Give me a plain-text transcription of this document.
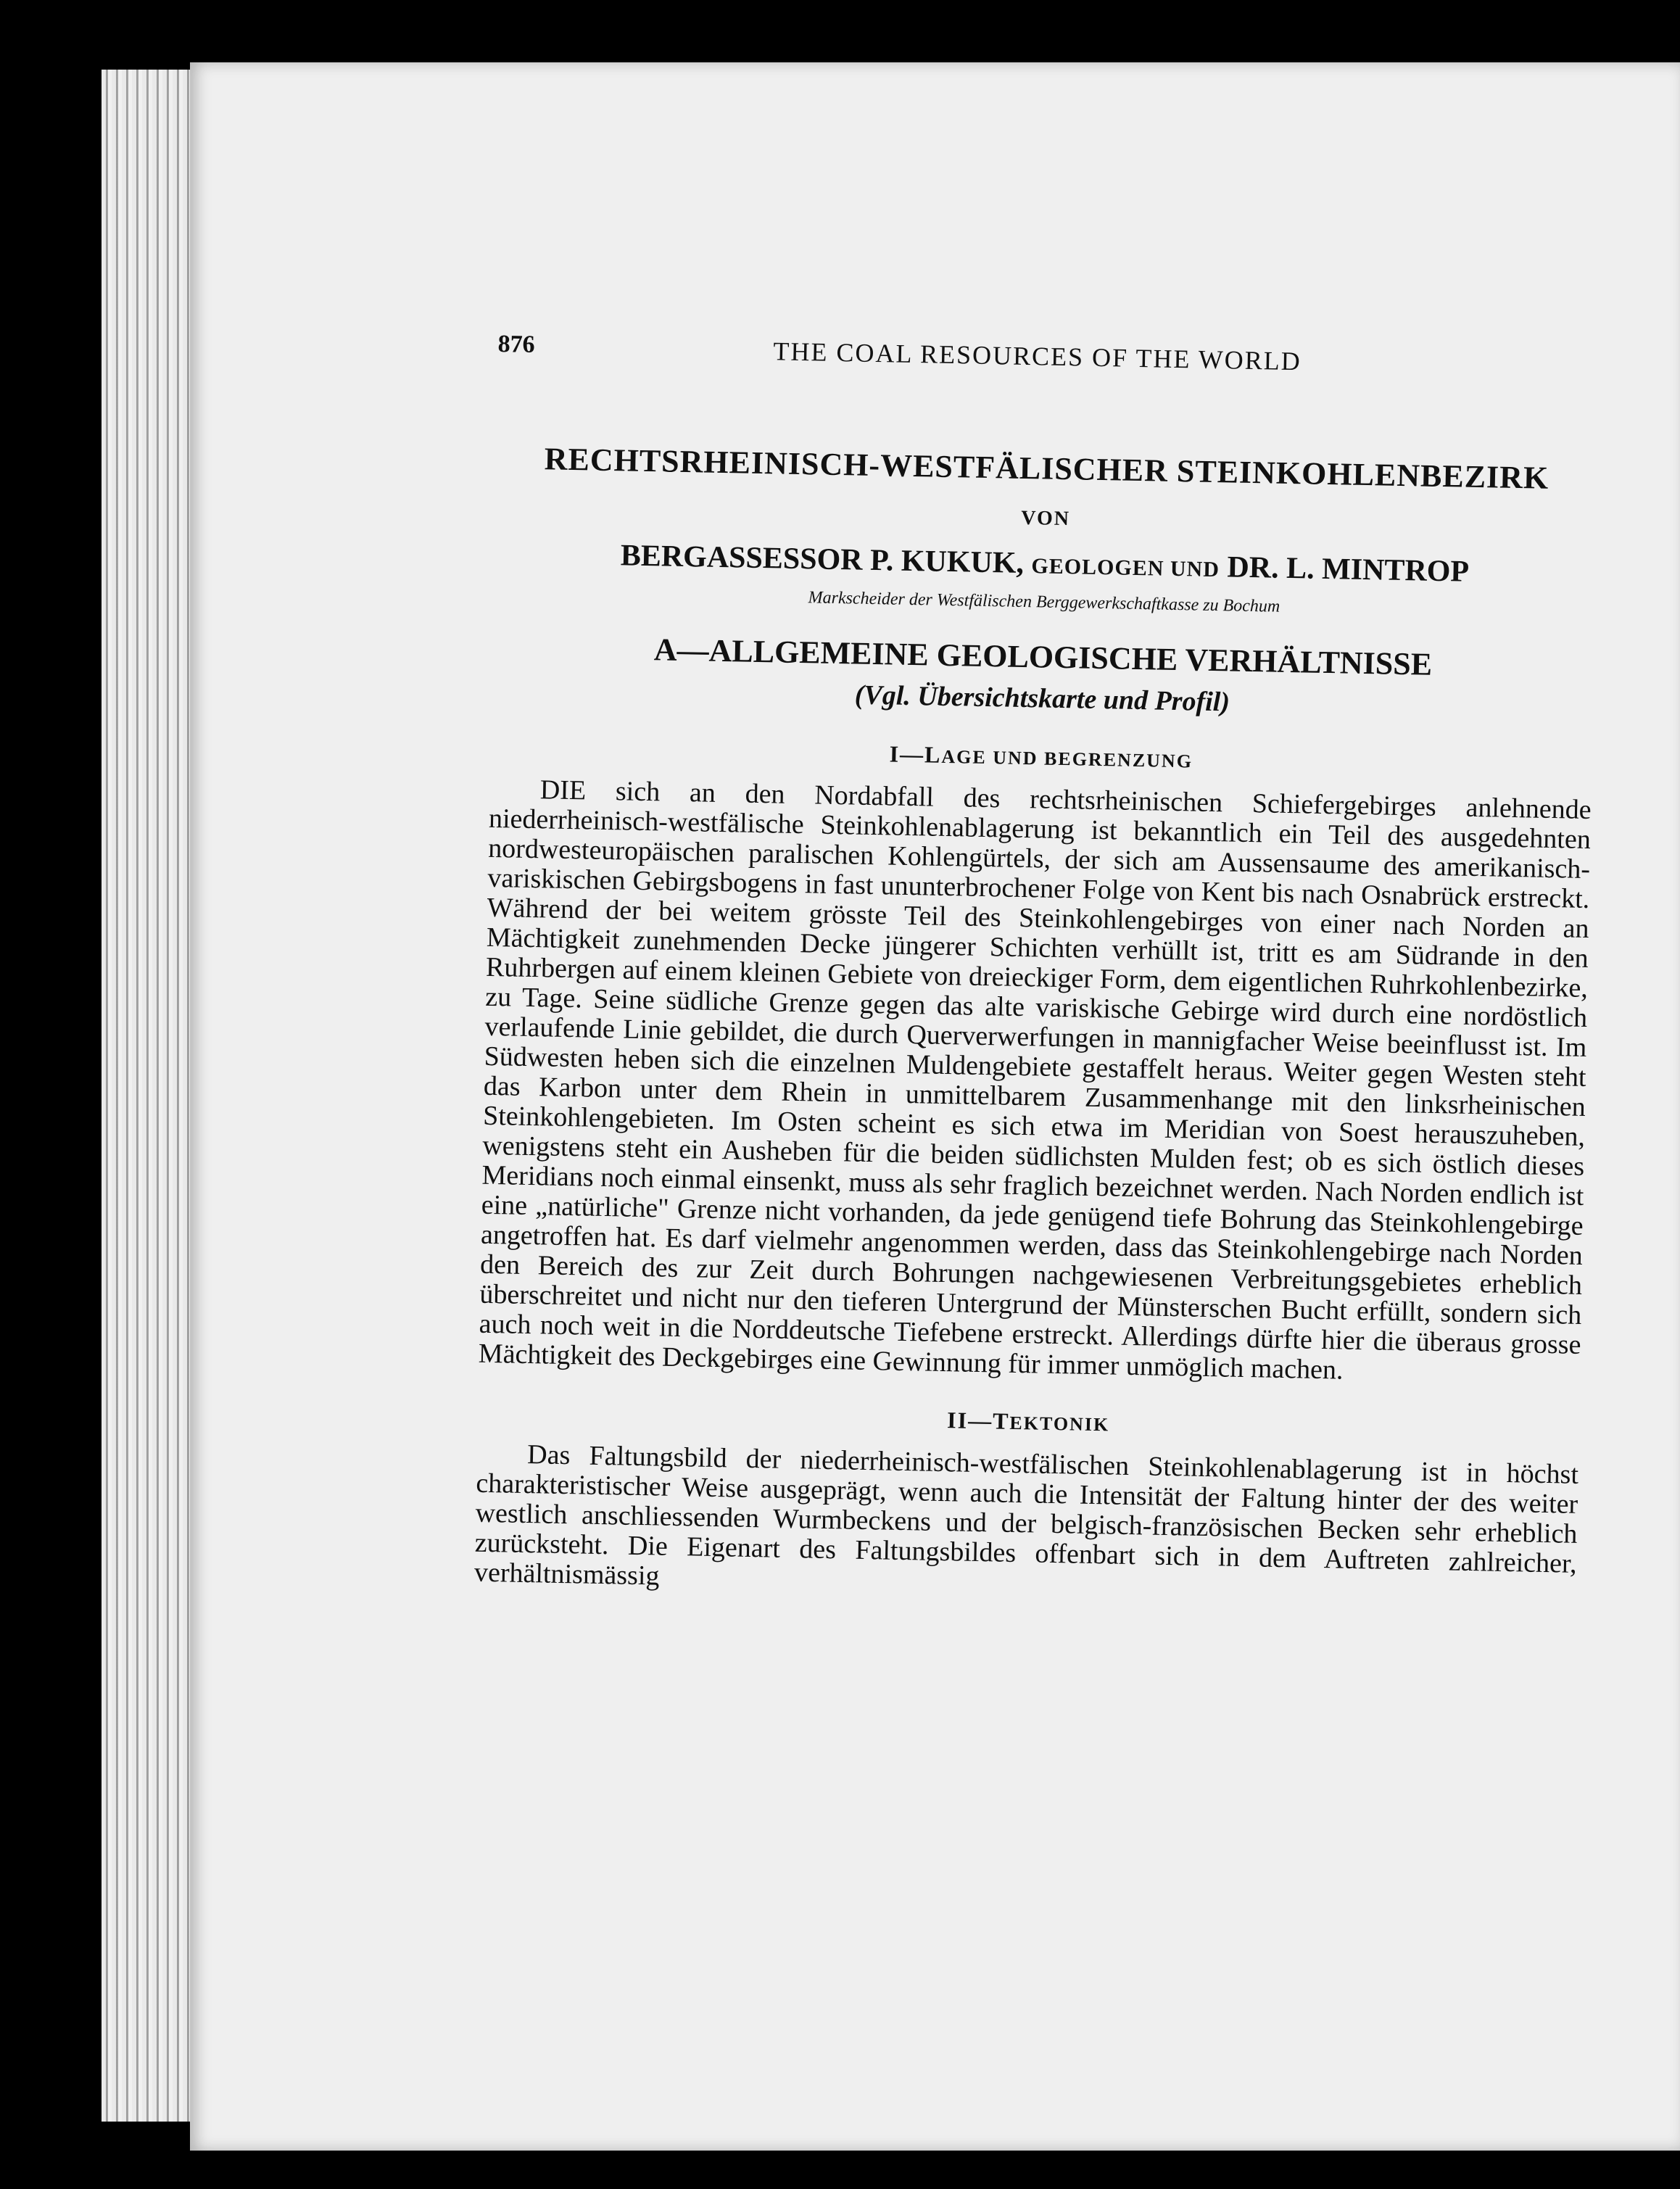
876	THE COAL RESOURCES OF THE WORLD
RECHTSRHEINISCH-WESTFÄLISCHER STEINKOHLENBEZIRK
VON
BERGASSESSOR P. KUKUK, GEOLOGEN UND DR. L. MINTROP
Markscheider der Westfälischen Berggewerkschaftkasse zu Bochum
A—ALLGEMEINE GEOLOGISCHE VERHÄLTNISSE
(Vgl. Übersichtskarte und Profil)
I—LAGE UND BEGRENZUNG

DIE sich an den Nordabfall des rechtsrheinischen Schiefergebirges anlehnende niederrheinisch-westfälische Steinkohlenablagerung ist bekanntlich ein Teil des ausgedehnten nordwesteuropäischen paralischen Kohlengürtels, der sich am Aussensaume des amerikanisch-variskischen Gebirgsbogens in fast ununterbrochener Folge von Kent bis nach Osnabrück erstreckt. Während der bei weitem grösste Teil des Steinkohlengebirges von einer nach Norden an Mächtigkeit zunehmenden Decke jüngerer Schichten verhüllt ist, tritt es am Südrande in den Ruhrbergen auf einem kleinen Gebiete von dreieckiger Form, dem eigentlichen Ruhrkohlenbezirke, zu Tage. Seine südliche Grenze gegen das alte variskische Gebirge wird durch eine nordöstlich verlaufende Linie gebildet, die durch Querverwerfungen in mannigfacher Weise beeinflusst ist. Im Südwesten heben sich die einzelnen Muldengebiete gestaffelt heraus. Weiter gegen Westen steht das Karbon unter dem Rhein in unmittelbarem Zusammenhange mit den linksrheinischen Steinkohlengebieten. Im Osten scheint es sich etwa im Meridian von Soest herauszuheben, wenigstens steht ein Ausheben für die beiden südlichsten Mulden fest; ob es sich östlich dieses Meridians noch einmal einsenkt, muss als sehr fraglich bezeichnet werden. Nach Norden endlich ist eine „natürliche" Grenze nicht vorhanden, da jede genügend tiefe Bohrung das Steinkohlengebirge angetroffen hat. Es darf vielmehr angenommen werden, dass das Steinkohlengebirge nach Norden den Bereich des zur Zeit durch Bohrungen nachgewiesenen Verbreitungsgebietes erheblich überschreitet und nicht nur den tieferen Untergrund der Münsterschen Bucht erfüllt, sondern sich auch noch weit in die Norddeutsche Tiefebene erstreckt. Allerdings dürfte hier die überaus grosse Mächtigkeit des Deckgebirges eine Gewinnung für immer unmöglich machen.

II—TEKTONIK

Das Faltungsbild der niederrheinisch-westfälischen Steinkohlenablagerung ist in höchst charakteristischer Weise ausgeprägt, wenn auch die Intensität der Faltung hinter der des weiter westlich anschliessenden Wurmbeckens und der belgisch-französischen Becken sehr erheblich zurücksteht. Die Eigenart des Faltungsbildes offenbart sich in dem Auftreten zahlreicher, verhältnismässig
